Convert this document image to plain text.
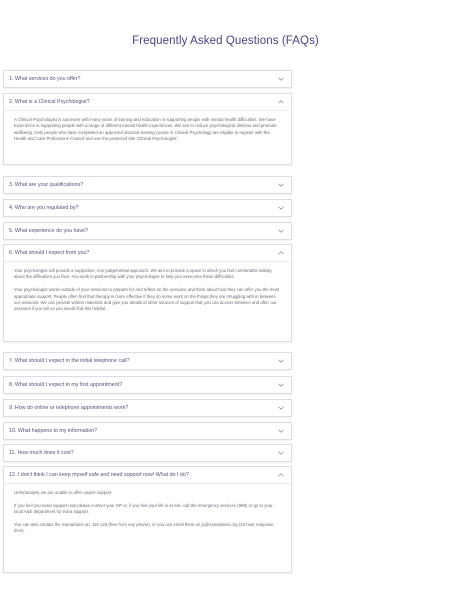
Frequently Asked Questions (FAQs)
1. What services do you offer?
2. What is a Clinical Psychologist?

A Clinical Psychologist is someone with many years of training and education in supporting people with mental health difficulties. We have experience in supporting people with a range of different mental health experiences. We aim to reduce psychological distress and promote wellbeing. Only people who have completed an approved doctoral training course in Clinical Psychology are eligible to register with the Health and Care Professions Council and use the protected title 'Clinical Psychologist'.

3. What are your qualifications?
4. Who are you regulated by?
5. What experience do you have?
6. What should I expect from you?

Your psychologist will provide a supportive, non-judgemental approach. We aim to provide a space in which you feel comfortable talking about the difficulties you face. You work in partnership with your psychologist to help you overcome these difficulties.

Your psychologist works outside of your sessions to prepare for and reflect on the sessions and think about how they can offer you the most appropriate support. People often find that therapy is more effective if they do some work on the things they are struggling with in between our sessions. We can provide written materials and give you details of other sources of support that you can access between and after our sessions if you tell us you would find this helpful.

7. What should I expect in the initial telephone call?
8. What should I expect in my first appointment?
9. How do online or telephone appointments work?
10. What happens to my information?
11. How much does it cost?
12. I don't think I can keep myself safe and need support now! What do I do?

Unfortunately we are unable to offer urgent support.

If you feel you need support now please contact your GP or, if you feel your life is at risk, call the emergency services (999) or go to your local A&E department for extra support.

You can also contact the Samaritans on: 116 123 (free from any phone), or you can email them on jo@samaritans.org (24 hour response time).
